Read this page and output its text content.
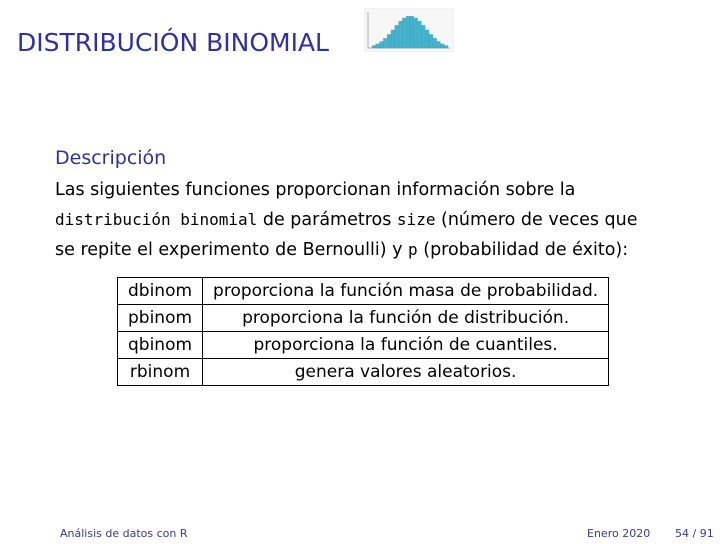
DISTRIBUCIÓN BINOMIAL
Descripción
Las siguientes funciones proporcionan información sobre la
distribución binomial de parámetros size (número de veces que
se repite el experimento de Bernoulli) y p (probabilidad de éxito):
dbinom	proporciona la función masa de probabilidad.
pbinom	proporciona la función de distribución.
qbinom	proporciona la función de cuantiles.
rbinom	genera valores aleatorios.
Análisis de datos con R	Enero 2020 54 / 91
